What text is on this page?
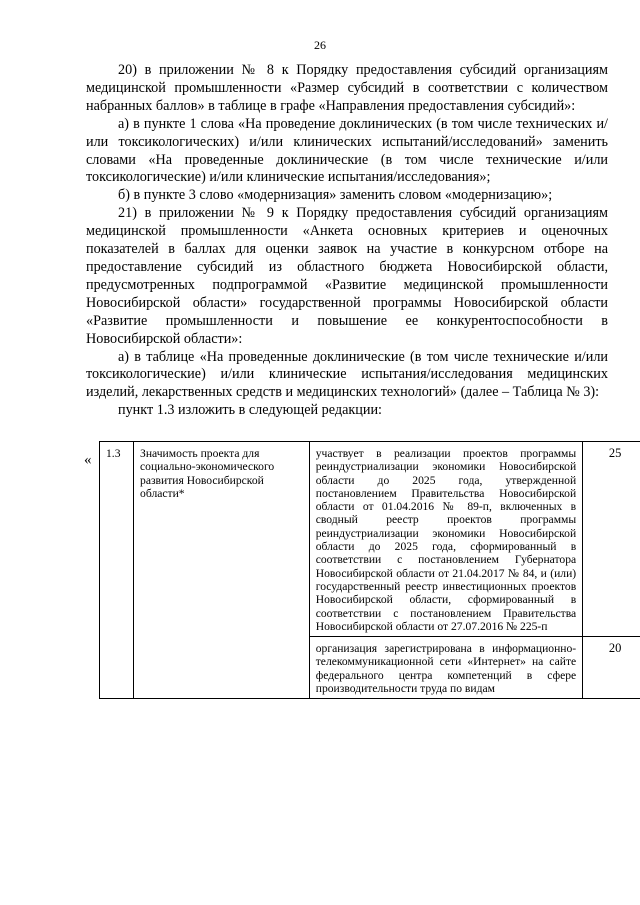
26

20) в приложении № 8 к Порядку предоставления субсидий организациям медицинской промышленности «Размер субсидий в соответствии с количеством набранных баллов» в таблице в графе «Направления предоставления субсидий»:

а) в пункте 1 слова «На проведение доклинических (в том числе технических и/или токсикологических) и/или клинических испытаний/исследований» заменить словами «На проведенные доклинические (в том числе технические и/или токсикологические) и/или клинические испытания/исследования»;

б) в пункте 3 слово «модернизация» заменить словом «модернизацию»;

21) в приложении № 9 к Порядку предоставления субсидий организациям медицинской промышленности «Анкета основных критериев и оценочных показателей в баллах для оценки заявок на участие в конкурсном отборе на предоставление субсидий из областного бюджета Новосибирской области, предусмотренных подпрограммой «Развитие медицинской промышленности Новосибирской области» государственной программы Новосибирской области «Развитие промышленности и повышение ее конкурентоспособности в Новосибирской области»:

а) в таблице «На проведенные доклинические (в том числе технические и/или токсикологические) и/или клинические испытания/исследования медицинских изделий, лекарственных средств и медицинских технологий» (далее – Таблица № 3):

пункт 1.3 изложить в следующей редакции:

« 1.3	Значимость проекта для социально-экономического развития Новосибирской области*	участвует в реализации проектов программы реиндустриализации экономики Новосибирской области до 2025 года, утвержденной постановлением Правительства Новосибирской области от 01.04.2016 № 89-п, включенных в сводный реестр проектов программы реиндустриализации экономики Новосибирской области до 2025 года, сформированный в соответствии с постановлением Губернатора Новосибирской области от 21.04.2017 № 84, и (или) государственный реестр инвестиционных проектов Новосибирской области, сформированный в соответствии с постановлением Правительства Новосибирской области от 27.07.2016 № 225-п	25
		организация зарегистрирована в информационно-телекоммуникационной сети «Интернет» на сайте федерального центра компетенций в сфере производительности труда по видам	20
